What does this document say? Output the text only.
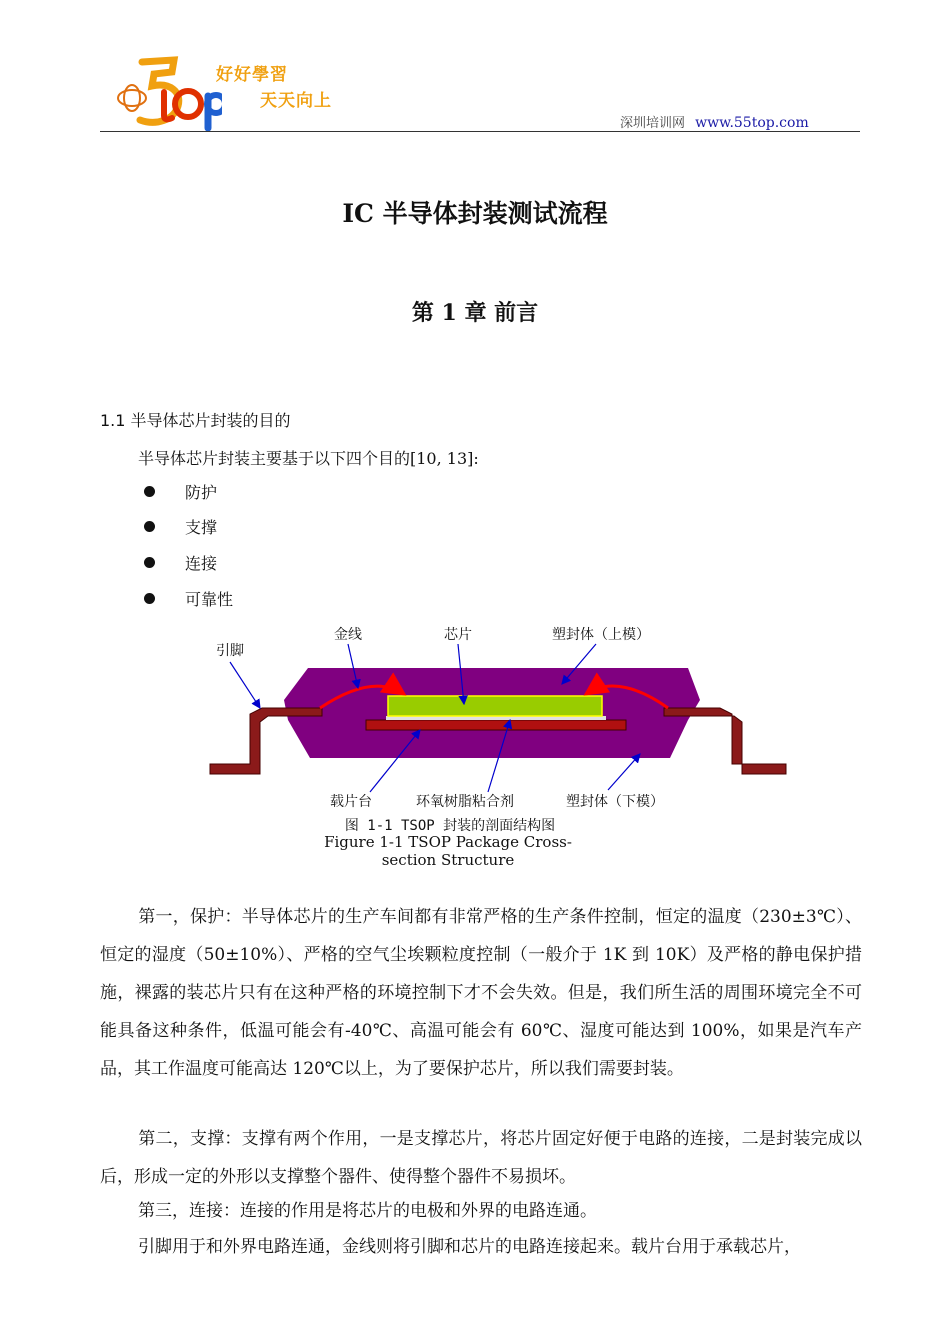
好好學習
天天向上
深圳培训网 www.55top.com
IC 半导体封装测试流程
第 1 章 前言
1.1 半导体芯片封装的目的
半导体芯片封装主要基于以下四个目的[10, 13]:
防护
支撑
连接
可靠性
引脚
金线	芯片	塑封体（上模）
载片台	环氧树脂粘合剂	塑封体（下模）
图 1-1 TSOP 封装的剖面结构图
Figure 1-1 TSOP Package Cross-section Structure
第一，保护：半导体芯片的生产车间都有非常严格的生产条件控制，恒定的温度（230±3℃）、恒定的湿度（50±10%）、严格的空气尘埃颗粒度控制（一般介于 1K 到 10K）及严格的静电保护措施，裸露的装芯片只有在这种严格的环境控制下才不会失效。但是，我们所生活的周围环境完全不可能具备这种条件，低温可能会有-40℃、高温可能会有 60℃、湿度可能达到 100%，如果是汽车产品，其工作温度可能高达 120℃以上，为了要保护芯片，所以我们需要封装。
第二，支撑：支撑有两个作用，一是支撑芯片，将芯片固定好便于电路的连接，二是封装完成以后，形成一定的外形以支撑整个器件、使得整个器件不易损坏。
第三，连接：连接的作用是将芯片的电极和外界的电路连通。
引脚用于和外界电路连通，金线则将引脚和芯片的电路连接起来。载片台用于承载芯片，
